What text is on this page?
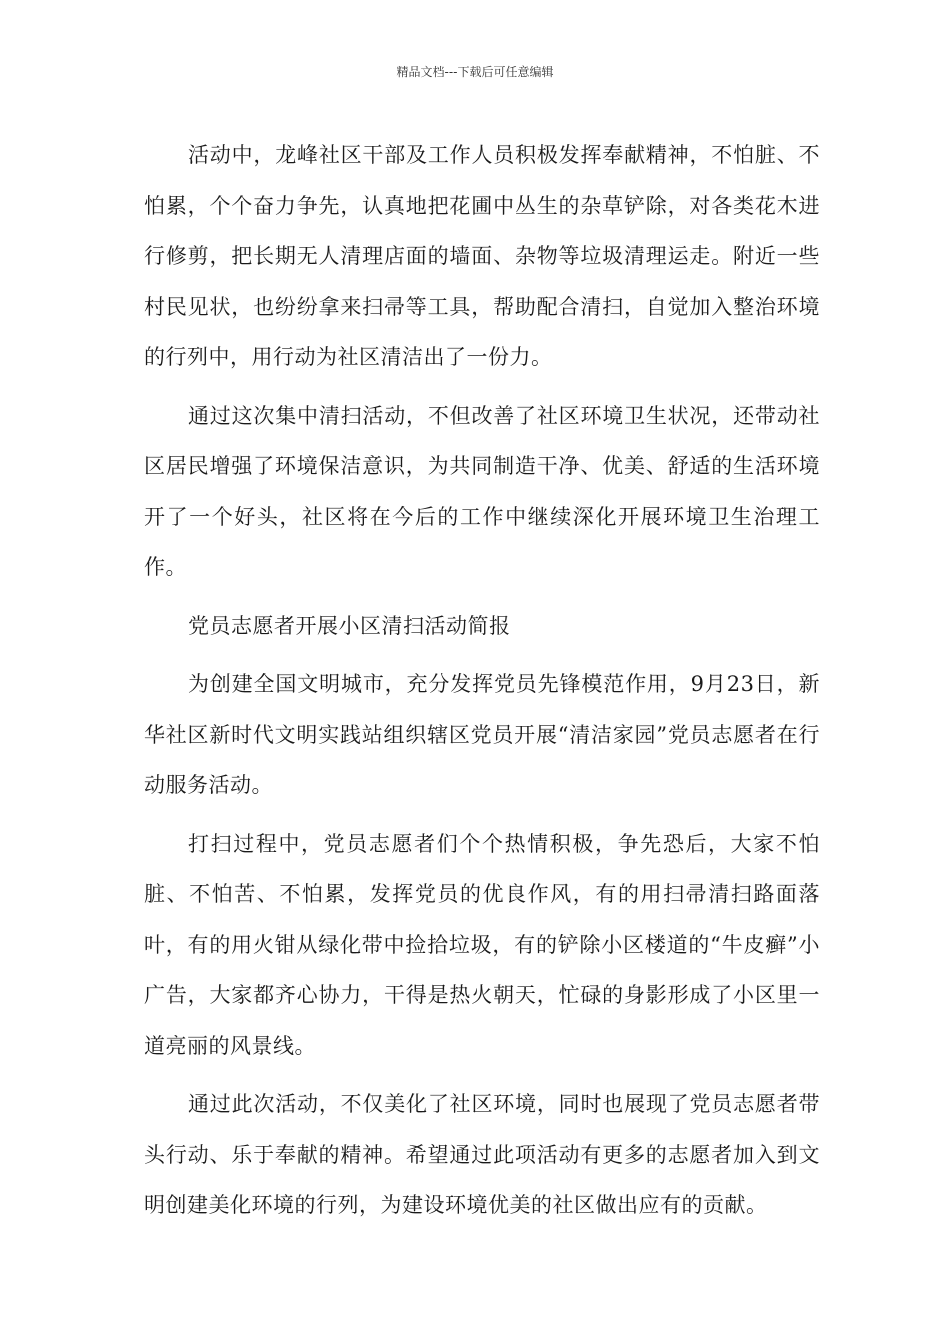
精品文档---下载后可任意编辑

活动中，龙峰社区干部及工作人员积极发挥奉献精神，不怕脏、不怕累，个个奋力争先，认真地把花圃中丛生的杂草铲除，对各类花木进行修剪，把长期无人清理店面的墙面、杂物等垃圾清理运走。附近一些村民见状，也纷纷拿来扫帚等工具，帮助配合清扫，自觉加入整治环境的行列中，用行动为社区清洁出了一份力。

通过这次集中清扫活动，不但改善了社区环境卫生状况，还带动社区居民增强了环境保洁意识，为共同制造干净、优美、舒适的生活环境开了一个好头，社区将在今后的工作中继续深化开展环境卫生治理工作。

党员志愿者开展小区清扫活动简报

为创建全国文明城市，充分发挥党员先锋模范作用，9月23日，新华社区新时代文明实践站组织辖区党员开展“清洁家园”党员志愿者在行动服务活动。

打扫过程中，党员志愿者们个个热情积极，争先恐后，大家不怕脏、不怕苦、不怕累，发挥党员的优良作风，有的用扫帚清扫路面落叶，有的用火钳从绿化带中捡拾垃圾，有的铲除小区楼道的“牛皮癣”小广告，大家都齐心协力，干得是热火朝天，忙碌的身影形成了小区里一道亮丽的风景线。

通过此次活动，不仅美化了社区环境，同时也展现了党员志愿者带头行动、乐于奉献的精神。希望通过此项活动有更多的志愿者加入到文明创建美化环境的行列，为建设环境优美的社区做出应有的贡献。
